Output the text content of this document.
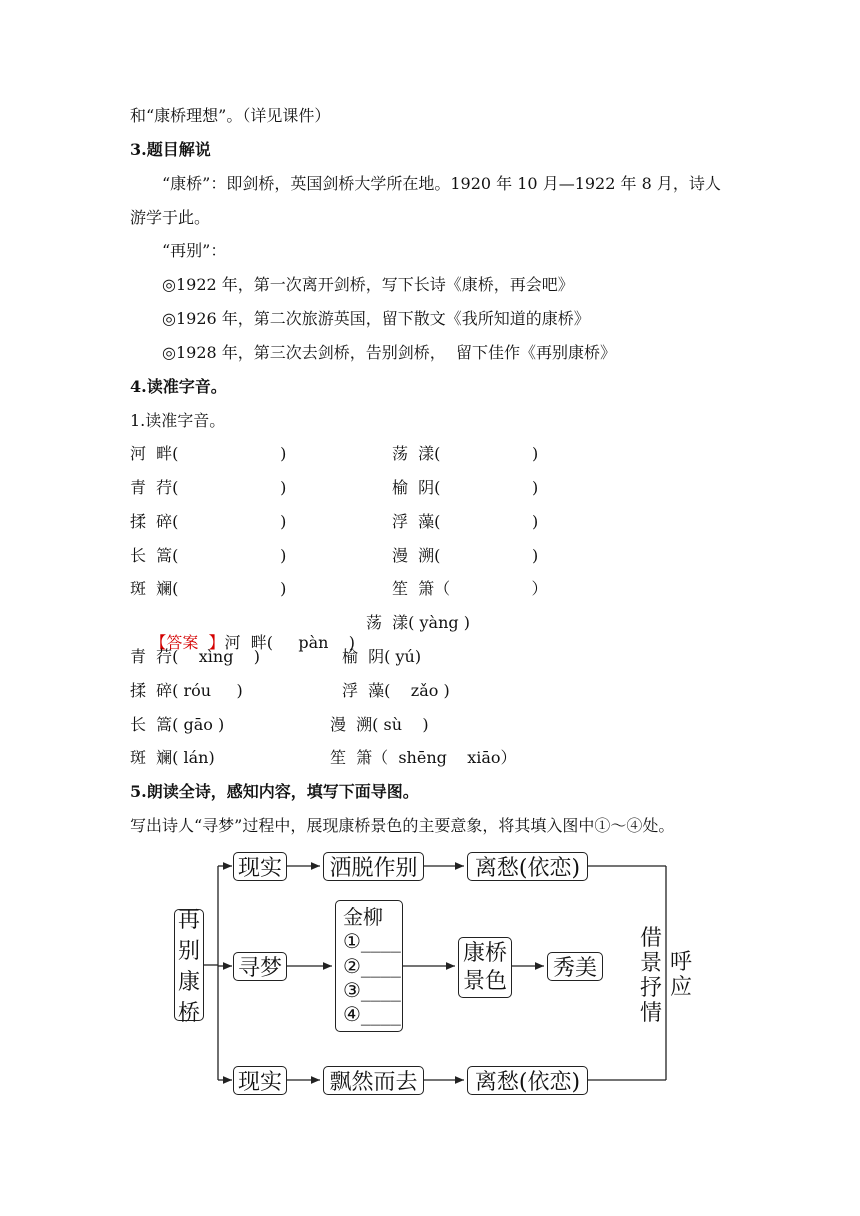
和“康桥理想”。（详见课件）
3.题目解说
“康桥”：即剑桥，英国剑桥大学所在地。1920 年 10 月—1922 年 8 月，诗人
游学于此。
“再别”：
◎1922 年，第一次离开剑桥，写下长诗《康桥，再会吧》
◎1926 年，第二次旅游英国，留下散文《我所知道的康桥》
◎1928 年，第三次去剑桥，告别剑桥，  留下佳作《再别康桥》
4.读准字音。
1.读准字音。
河  畔(                    )	荡  漾(                  )
青  荇(                    )	榆  阴(                  )
揉  碎(                    )	浮  藻(                  )
长  篙(                    )	漫  溯(                  )
斑  斓(                    )	笙  箫（                ）

【答案  】河  畔(     pàn    )

荡  漾( yàng )
青  荇(    xìng    )	榆  阴( yú)
揉  碎( róu     )	浮  藻(    zǎo )
长  篙( gāo )	漫  溯( sù    )
斑  斓( lán)	笙  箫（  shēng    xiāo）
5.朗读全诗，感知内容，填写下面导图。
写出诗人“寻梦”过程中，展现康桥景色的主要意象，将其填入图中①～④处。
再
别
康
桥
现实 洒脱作别	离愁(依恋)
寻梦
金柳
①____
②____
③____
④____
康桥
景色 秀美
现实 飘然而去	离愁(依恋)
借
景
抒
情
呼
应
